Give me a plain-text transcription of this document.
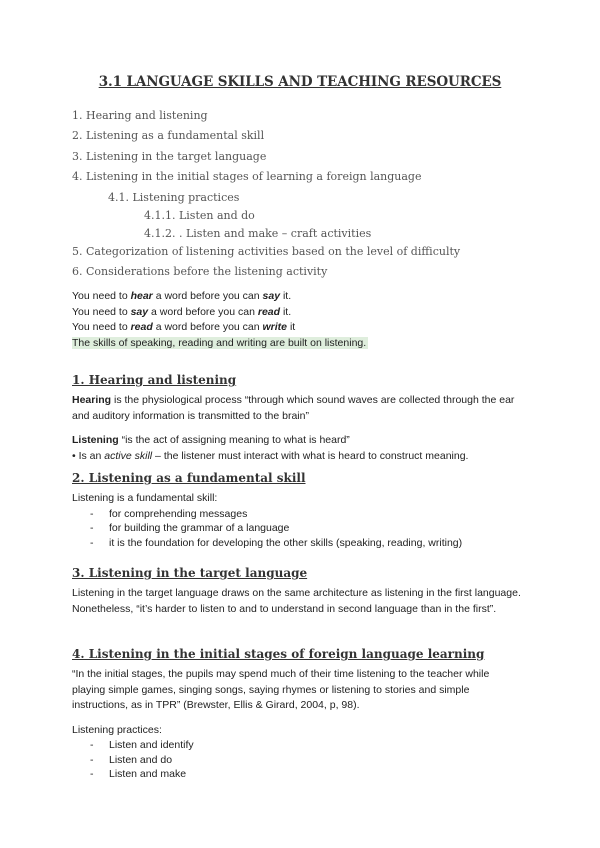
3.1 LANGUAGE SKILLS AND TEACHING RESOURCES
1. Hearing and listening
2. Listening as a fundamental skill
3. Listening in the target language
4. Listening in the initial stages of learning a foreign language
4.1. Listening practices
4.1.1. Listen and do
4.1.2. . Listen and make – craft activities
5. Categorization of listening activities based on the level of difficulty
6. Considerations before the listening activity

You need to hear a word before you can say it.

You need to say a word before you can read it.

You need to read a word before you can write it

The skills of speaking, reading and writing are built on listening.

1. Hearing and listening

Hearing is the physiological process “through which sound waves are collected through the ear and auditory information is transmitted to the brain”

Listening “is the act of assigning meaning to what is heard”

• Is an active skill – the listener must interact with what is heard to construct meaning.

2. Listening as a fundamental skill

Listening is a fundamental skill:

- for comprehending messages
- for building the grammar of a language
- it is the foundation for developing the other skills (speaking, reading, writing)
3. Listening in the target language

Listening in the target language draws on the same architecture as listening in the first language. Nonetheless, “it’s harder to listen to and to understand in second language than in the first”.

4. Listening in the initial stages of foreign language learning

“In the initial stages, the pupils may spend much of their time listening to the teacher while playing simple games, singing songs, saying rhymes or listening to stories and simple instructions, as in TPR” (Brewster, Ellis & Girard, 2004, p, 98).

Listening practices:

- Listen and identify
- Listen and do
- Listen and make
